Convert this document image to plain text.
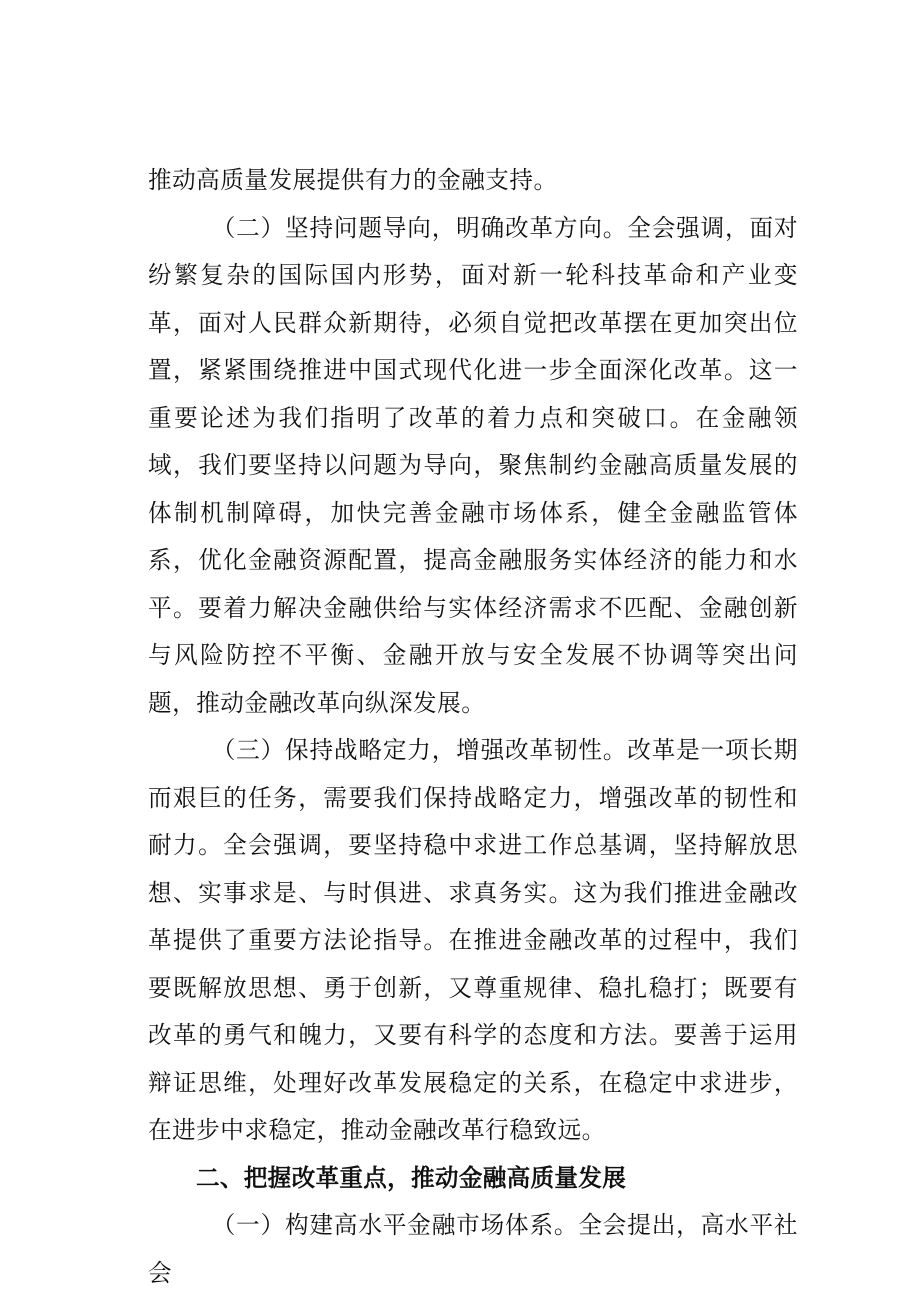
推动高质量发展提供有力的金融支持。

（二）坚持问题导向，明确改革方向。全会强调，面对纷繁复杂的国际国内形势，面对新一轮科技革命和产业变革，面对人民群众新期待，必须自觉把改革摆在更加突出位置，紧紧围绕推进中国式现代化进一步全面深化改革。这一重要论述为我们指明了改革的着力点和突破口。在金融领域，我们要坚持以问题为导向，聚焦制约金融高质量发展的体制机制障碍，加快完善金融市场体系，健全金融监管体系，优化金融资源配置，提高金融服务实体经济的能力和水平。要着力解决金融供给与实体经济需求不匹配、金融创新与风险防控不平衡、金融开放与安全发展不协调等突出问题，推动金融改革向纵深发展。

（三）保持战略定力，增强改革韧性。改革是一项长期而艰巨的任务，需要我们保持战略定力，增强改革的韧性和耐力。全会强调，要坚持稳中求进工作总基调，坚持解放思想、实事求是、与时俱进、求真务实。这为我们推进金融改革提供了重要方法论指导。在推进金融改革的过程中，我们要既解放思想、勇于创新，又尊重规律、稳扎稳打；既要有改革的勇气和魄力，又要有科学的态度和方法。要善于运用辩证思维，处理好改革发展稳定的关系，在稳定中求进步，在进步中求稳定，推动金融改革行稳致远。

二、把握改革重点，推动金融高质量发展

（一）构建高水平金融市场体系。全会提出，高水平社会
